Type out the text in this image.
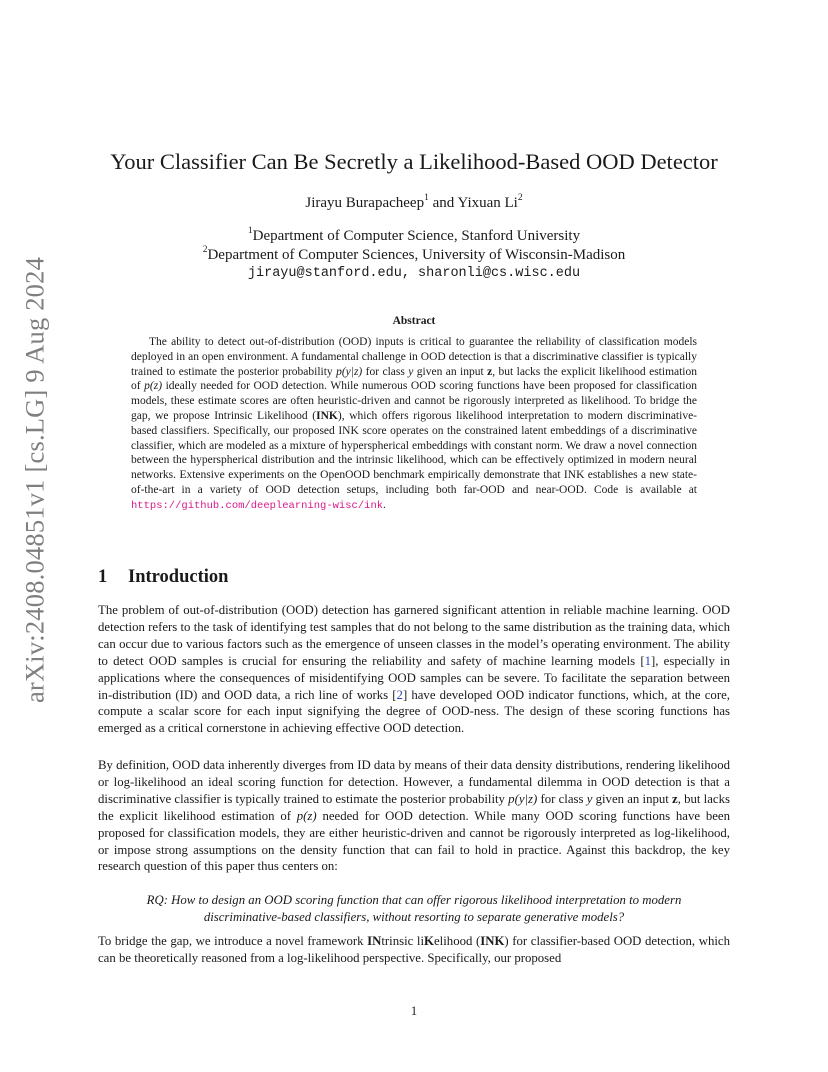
arXiv:2408.04851v1 [cs.LG] 9 Aug 2024
Your Classifier Can Be Secretly a Likelihood-Based OOD Detector
Jirayu Burapacheep$^1$ and Yixuan Li$^2$
$^1$Department of Computer Science, Stanford University
$^2$Department of Computer Sciences, University of Wisconsin-Madison
jirayu@stanford.edu, sharonli@cs.wisc.edu
Abstract

The ability to detect out-of-distribution (OOD) inputs is critical to guarantee the reliability of classification models deployed in an open environment. A fundamental challenge in OOD detection is that a discriminative classifier is typically trained to estimate the posterior probability p(y|z) for class y given an input z, but lacks the explicit likelihood estimation of p(z) ideally needed for OOD detection. While numerous OOD scoring functions have been proposed for classification models, these estimate scores are often heuristic-driven and cannot be rigorously interpreted as likelihood. To bridge the gap, we propose Intrinsic Likelihood (INK), which offers rigorous likelihood interpretation to modern discriminative-based classifiers. Specifically, our proposed INK score operates on the constrained latent embeddings of a discriminative classifier, which are modeled as a mixture of hyperspherical embeddings with constant norm. We draw a novel connection between the hyperspherical distribution and the intrinsic likelihood, which can be effectively optimized in modern neural networks. Extensive experiments on the OpenOOD benchmark empirically demonstrate that INK establishes a new state-of-the-art in a variety of OOD detection setups, including both far-OOD and near-OOD. Code is available at https://github.com/deeplearning-wisc/ink.

1 Introduction

The problem of out-of-distribution (OOD) detection has garnered significant attention in reliable machine learning. OOD detection refers to the task of identifying test samples that do not belong to the same distribution as the training data, which can occur due to various factors such as the emergence of unseen classes in the model’s operating environment. The ability to detect OOD samples is crucial for ensuring the reliability and safety of machine learning models [1], especially in applications where the consequences of misidentifying OOD samples can be severe. To facilitate the separation between in-distribution (ID) and OOD data, a rich line of works [2] have developed OOD indicator functions, which, at the core, compute a scalar score for each input signifying the degree of OOD-ness. The design of these scoring functions has emerged as a critical cornerstone in achieving effective OOD detection.

By definition, OOD data inherently diverges from ID data by means of their data density distributions, rendering likelihood or log-likelihood an ideal scoring function for detection. However, a fundamental dilemma in OOD detection is that a discriminative classifier is typically trained to estimate the posterior probability p(y|z) for class y given an input z, but lacks the explicit likelihood estimation of p(z) needed for OOD detection. While many OOD scoring functions have been proposed for classification models, they are either heuristic-driven and cannot be rigorously interpreted as log-likelihood, or impose strong assumptions on the density function that can fail to hold in practice. Against this backdrop, the key research question of this paper thus centers on:

RQ: How to design an OOD scoring function that can offer rigorous likelihood interpretation to modern discriminative-based classifiers, without resorting to separate generative models?

To bridge the gap, we introduce a novel framework INtrinsic liKelihood (INK) for classifier-based OOD detection, which can be theoretically reasoned from a log-likelihood perspective. Specifically, our proposed

1
